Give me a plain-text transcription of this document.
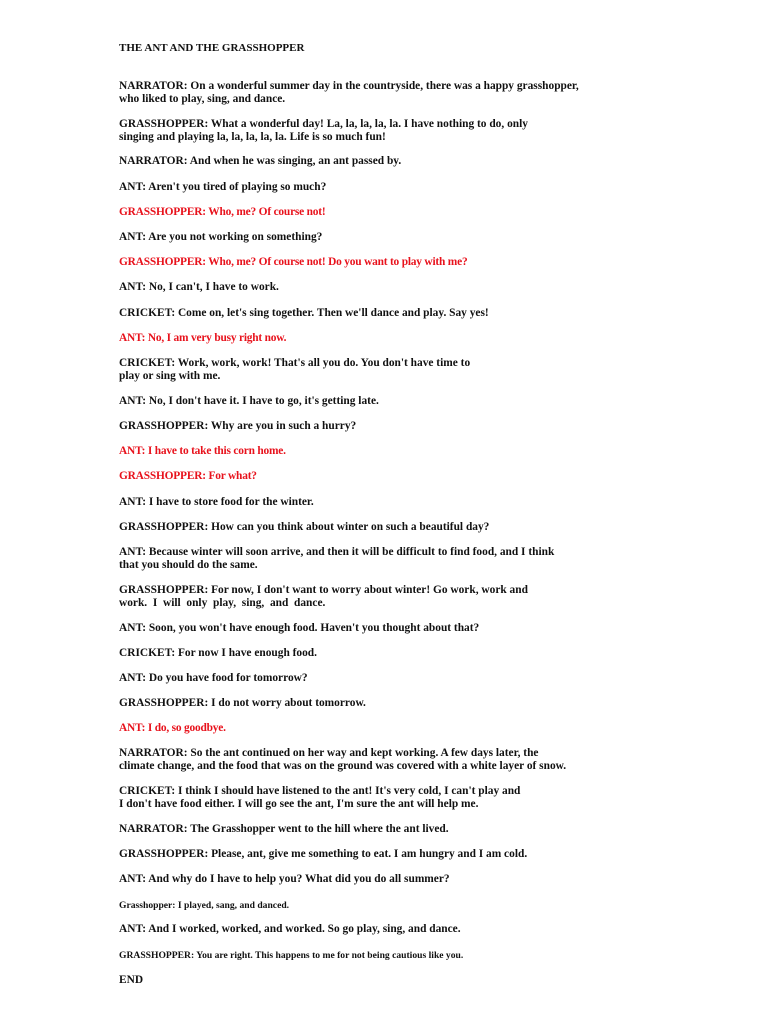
THE ANT AND THE GRASSHOPPER

NARRATOR: On a wonderful summer day in the countryside, there was a happy grasshopper,

who liked to play, sing, and dance.

GRASSHOPPER: What a wonderful day! La, la, la, la, la. I have nothing to do, only

singing and playing la, la, la, la, la. Life is so much fun!

NARRATOR: And when he was singing, an ant passed by.

ANT: Aren't you tired of playing so much?

GRASSHOPPER: Who, me? Of course not!

ANT: Are you not working on something?

GRASSHOPPER: Who, me? Of course not! Do you want to play with me?

ANT: No, I can't, I have to work.

CRICKET: Come on, let's sing together. Then we'll dance and play. Say yes!

ANT: No, I am very busy right now.

CRICKET: Work, work, work! That's all you do. You don't have time to

play or sing with me.

ANT: No, I don't have it. I have to go, it's getting late.

GRASSHOPPER: Why are you in such a hurry?

ANT: I have to take this corn home.

GRASSHOPPER: For what?

ANT: I have to store food for the winter.

GRASSHOPPER: How can you think about winter on such a beautiful day?

ANT: Because winter will soon arrive, and then it will be difficult to find food, and I think

that you should do the same.

GRASSHOPPER: For now, I don't want to worry about winter! Go work, work and

work.  I  will  only  play,  sing,  and  dance.

ANT: Soon, you won't have enough food. Haven't you thought about that?

CRICKET: For now I have enough food.

ANT: Do you have food for tomorrow?

GRASSHOPPER: I do not worry about tomorrow.

ANT: I do, so goodbye.

NARRATOR: So the ant continued on her way and kept working. A few days later, the

climate change, and the food that was on the ground was covered with a white layer of snow.

CRICKET: I think I should have listened to the ant! It's very cold, I can't play and

I don't have food either. I will go see the ant, I'm sure the ant will help me.

NARRATOR: The Grasshopper went to the hill where the ant lived.

GRASSHOPPER: Please, ant, give me something to eat. I am hungry and I am cold.

ANT: And why do I have to help you? What did you do all summer?

Grasshopper: I played, sang, and danced.

ANT: And I worked, worked, and worked. So go play, sing, and dance.

GRASSHOPPER: You are right. This happens to me for not being cautious like you.

END
